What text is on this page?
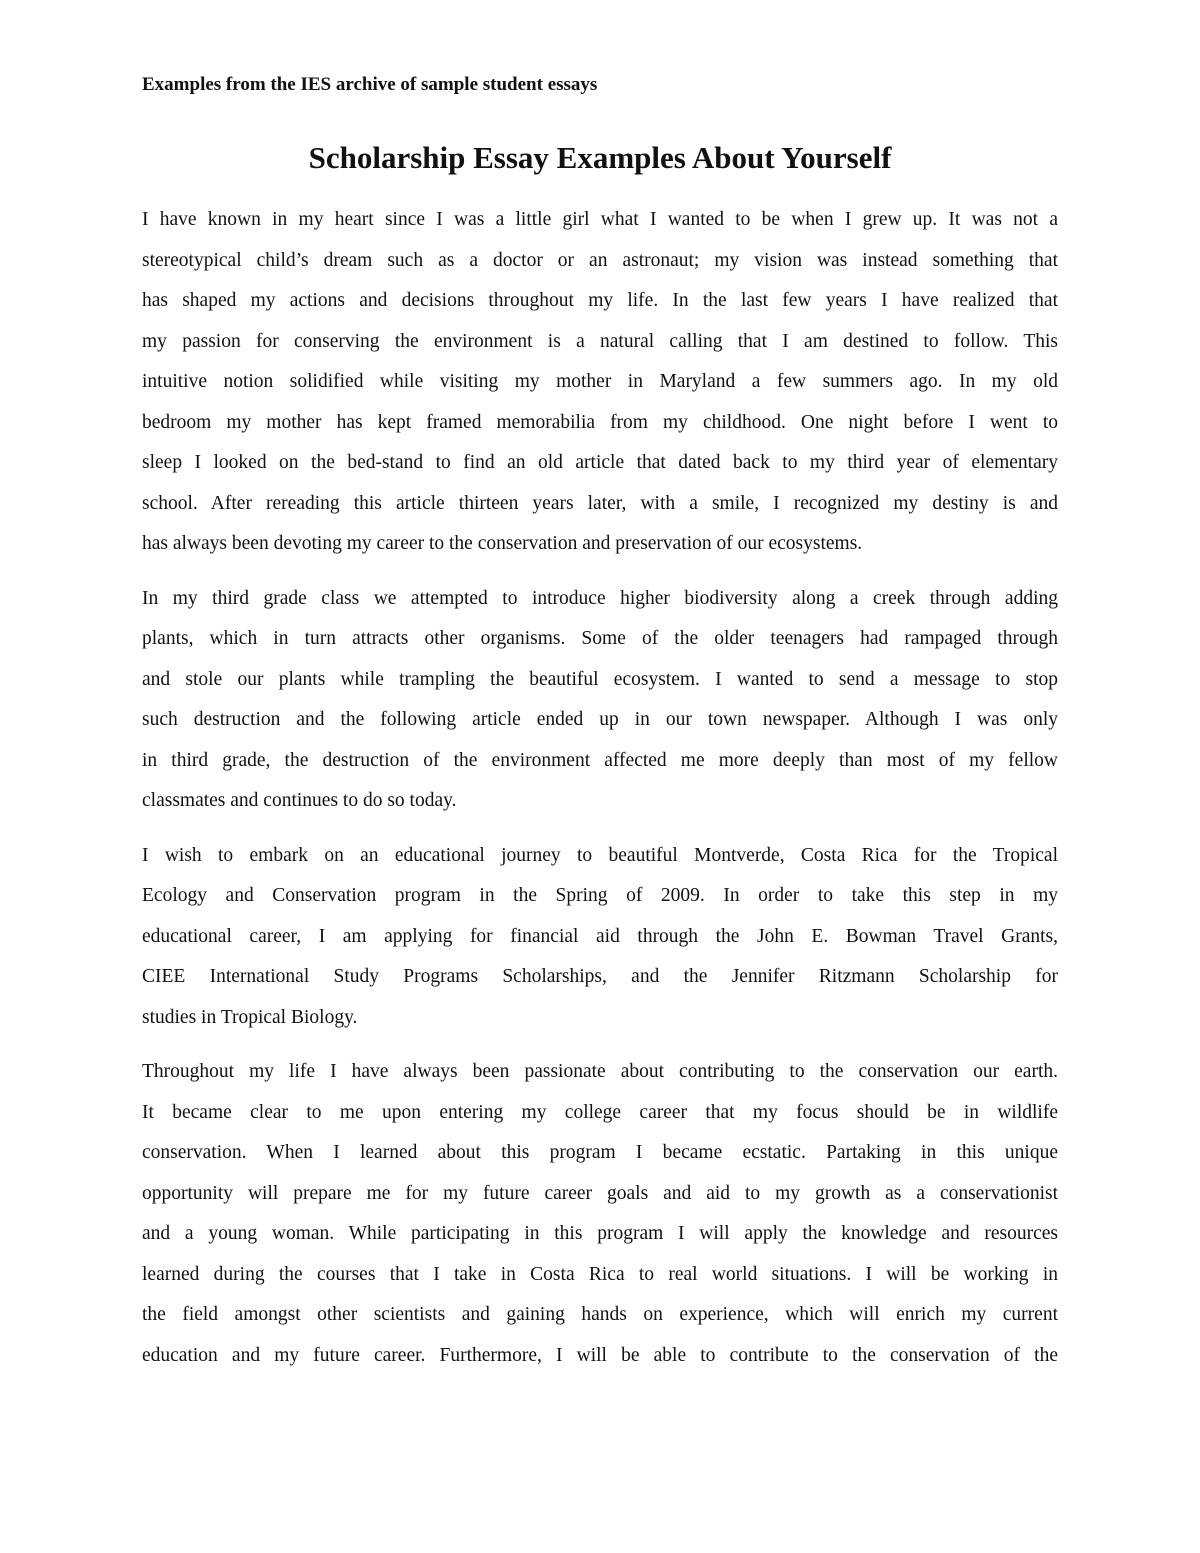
Examples from the IES archive of sample student essays

Scholarship Essay Examples About Yourself
I have known in my heart since I was a little girl what I wanted to be when I grew up. It was not a
stereotypical child’s dream such as a doctor or an astronaut; my vision was instead something that
has shaped my actions and decisions throughout my life. In the last few years I have realized that
my passion for conserving the environment is a natural calling that I am destined to follow. This
intuitive notion solidified while visiting my mother in Maryland a few summers ago. In my old
bedroom my mother has kept framed memorabilia from my childhood. One night before I went to
sleep I looked on the bed-stand to find an old article that dated back to my third year of elementary
school. After rereading this article thirteen years later, with a smile, I recognized my destiny is and
has always been devoting my career to the conservation and preservation of our ecosystems.
In my third grade class we attempted to introduce higher biodiversity along a creek through adding
plants, which in turn attracts other organisms. Some of the older teenagers had rampaged through
and stole our plants while trampling the beautiful ecosystem. I wanted to send a message to stop
such destruction and the following article ended up in our town newspaper. Although I was only
in third grade, the destruction of the environment affected me more deeply than most of my fellow
classmates and continues to do so today.
I wish to embark on an educational journey to beautiful Montverde, Costa Rica for the Tropical
Ecology and Conservation program in the Spring of 2009. In order to take this step in my
educational career, I am applying for financial aid through the John E. Bowman Travel Grants,
CIEE International Study Programs Scholarships, and the Jennifer Ritzmann Scholarship for
studies in Tropical Biology.
Throughout my life I have always been passionate about contributing to the conservation our earth.
It became clear to me upon entering my college career that my focus should be in wildlife
conservation. When I learned about this program I became ecstatic. Partaking in this unique
opportunity will prepare me for my future career goals and aid to my growth as a conservationist
and a young woman. While participating in this program I will apply the knowledge and resources
learned during the courses that I take in Costa Rica to real world situations. I will be working in
the field amongst other scientists and gaining hands on experience, which will enrich my current
education and my future career. Furthermore, I will be able to contribute to the conservation of the
